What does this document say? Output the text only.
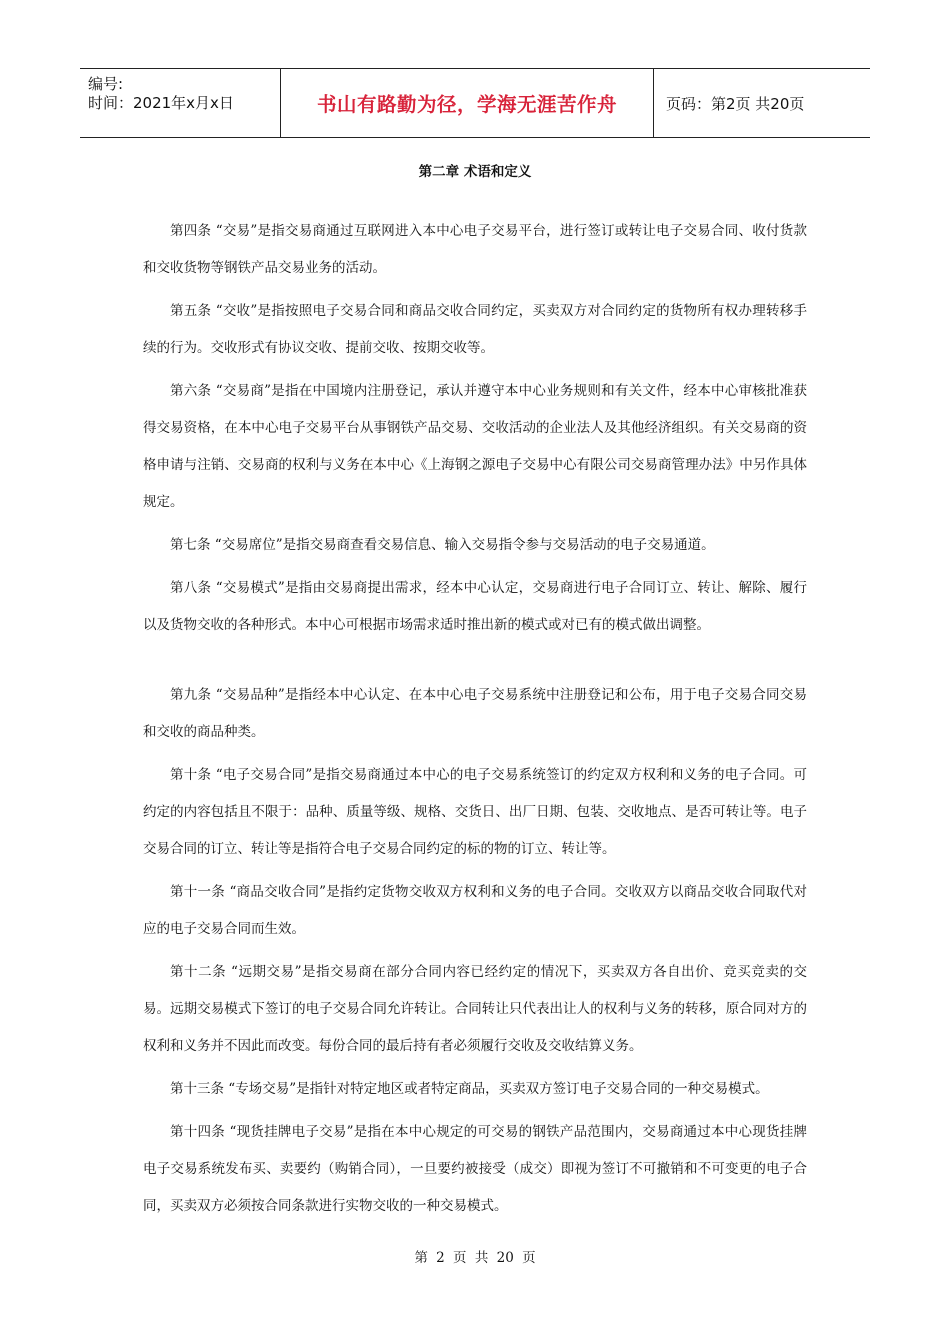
编号:
时间：2021年x月x日	书山有路勤为径，学海无涯苦作舟	页码：第2页 共20页
第二章 术语和定义

第四条 “交易”是指交易商通过互联网进入本中心电子交易平台，进行签订或转让电子交易合同、收付货款和交收货物等钢铁产品交易业务的活动。

第五条 “交收”是指按照电子交易合同和商品交收合同约定，买卖双方对合同约定的货物所有权办理转移手续的行为。交收形式有协议交收、提前交收、按期交收等。

第六条 “交易商”是指在中国境内注册登记，承认并遵守本中心业务规则和有关文件，经本中心审核批准获得交易资格，在本中心电子交易平台从事钢铁产品交易、交收活动的企业法人及其他经济组织。有关交易商的资格申请与注销、交易商的权利与义务在本中心《上海钢之源电子交易中心有限公司交易商管理办法》中另作具体规定。

第七条 “交易席位”是指交易商查看交易信息、输入交易指令参与交易活动的电子交易通道。

第八条 “交易模式”是指由交易商提出需求，经本中心认定，交易商进行电子合同订立、转让、解除、履行以及货物交收的各种形式。本中心可根据市场需求适时推出新的模式或对已有的模式做出调整。

第九条 “交易品种”是指经本中心认定、在本中心电子交易系统中注册登记和公布，用于电子交易合同交易和交收的商品种类。

第十条 “电子交易合同”是指交易商通过本中心的电子交易系统签订的约定双方权利和义务的电子合同。可约定的内容包括且不限于：品种、质量等级、规格、交货日、出厂日期、包装、交收地点、是否可转让等。电子交易合同的订立、转让等是指符合电子交易合同约定的标的物的订立、转让等。

第十一条 “商品交收合同”是指约定货物交收双方权利和义务的电子合同。交收双方以商品交收合同取代对应的电子交易合同而生效。

第十二条 “远期交易”是指交易商在部分合同内容已经约定的情况下，买卖双方各自出价、竞买竞卖的交易。远期交易模式下签订的电子交易合同允许转让。合同转让只代表出让人的权利与义务的转移，原合同对方的权利和义务并不因此而改变。每份合同的最后持有者必须履行交收及交收结算义务。

第十三条 “专场交易”是指针对特定地区或者特定商品，买卖双方签订电子交易合同的一种交易模式。

第十四条 “现货挂牌电子交易”是指在本中心规定的可交易的钢铁产品范围内，交易商通过本中心现货挂牌电子交易系统发布买、卖要约（购销合同），一旦要约被接受（成交）即视为签订不可撤销和不可变更的电子合同，买卖双方必须按合同条款进行实物交收的一种交易模式。

第 2 页 共 20 页
